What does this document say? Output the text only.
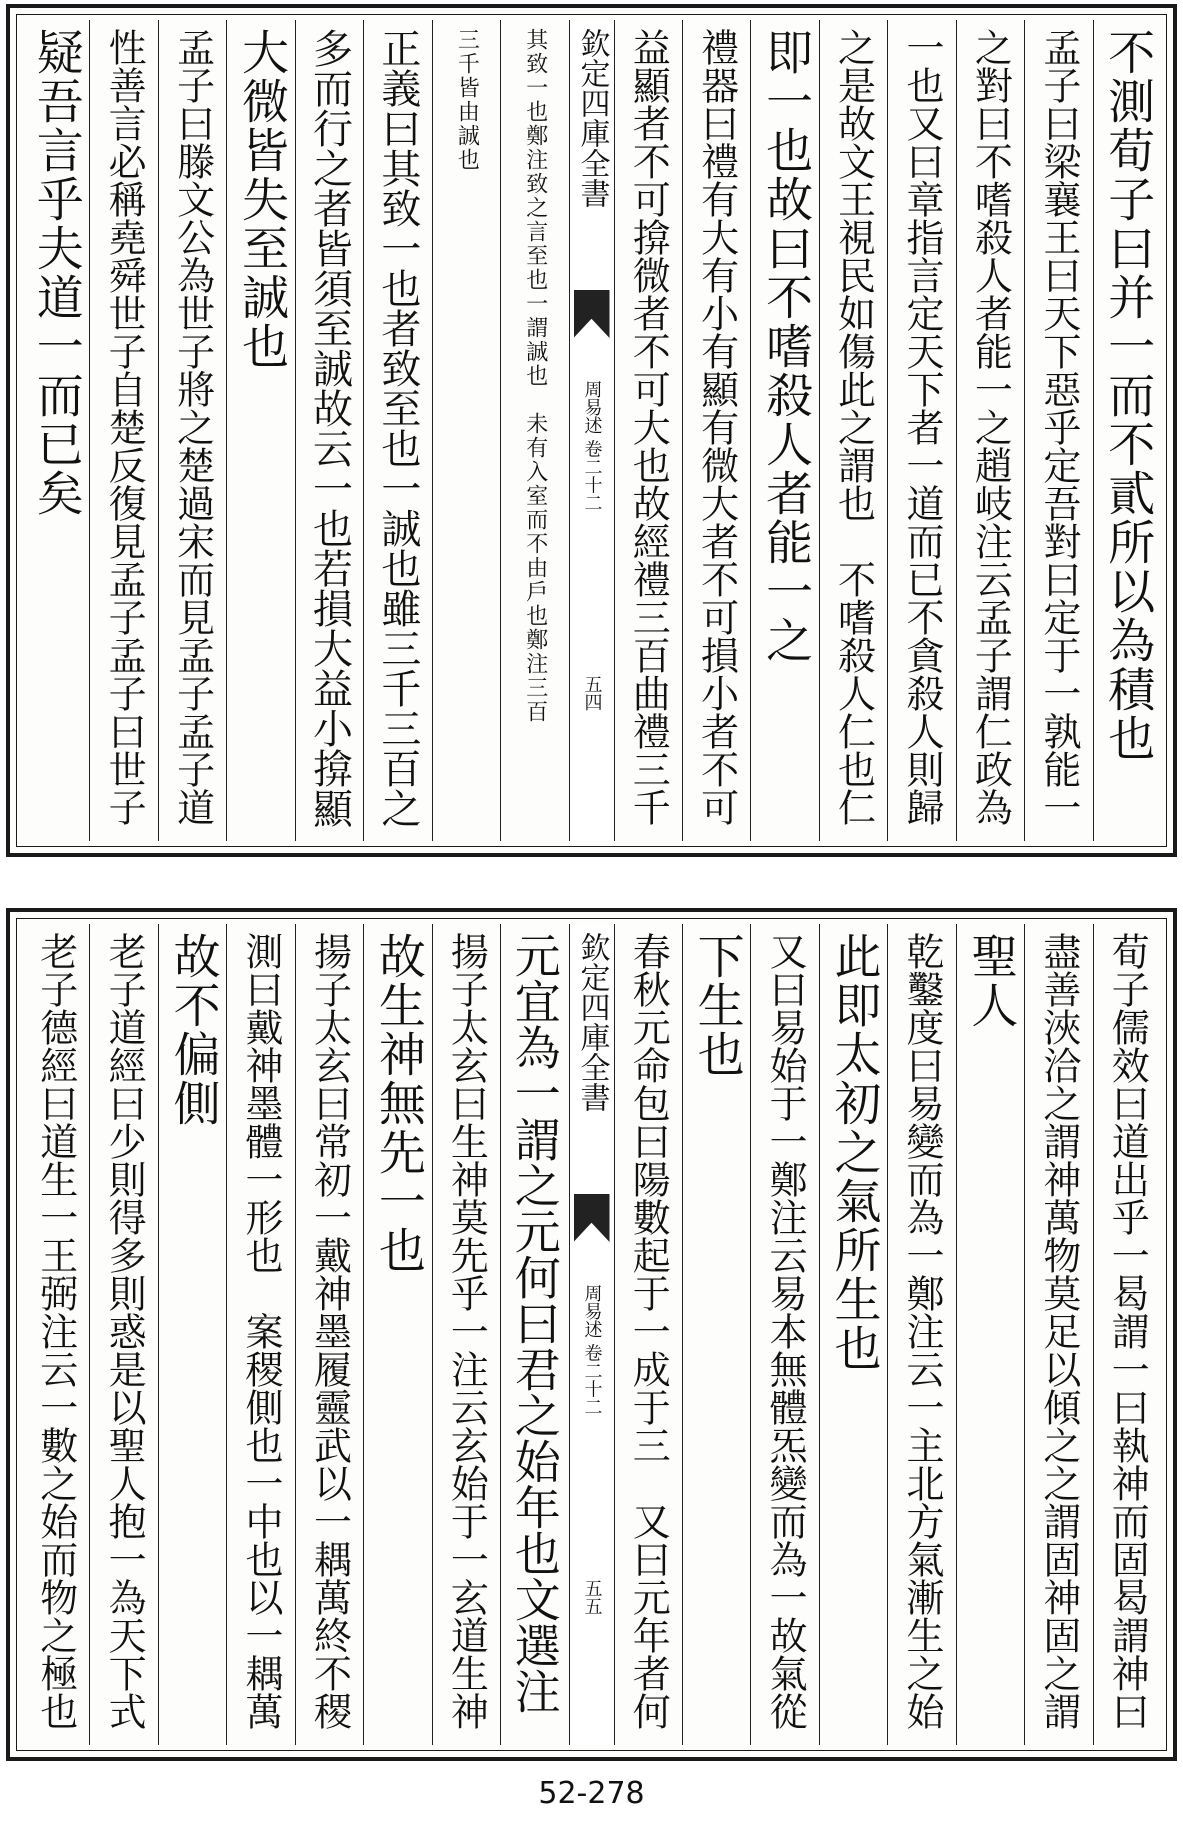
不測荀子曰并一而不貳所以為積也
孟子曰梁襄王曰天下惡乎定吾對曰定于一孰能一
之對曰不嗜殺人者能一之趙岐注云孟子謂仁政為
一也又曰章指言定天下者一道而已不貪殺人則歸
之是故文王視民如傷此之謂也　不嗜殺人仁也仁
即一也故曰不嗜殺人者能一之
禮器曰禮有大有小有顯有微大者不可損小者不可
益顯者不可揜微者不可大也故經禮三百曲禮三千
欽定四庫全書
周易述 卷二十二
五四
其致一也鄭注致之言至也一謂誠也　未有入室而不由戶也鄭注三百
三千皆由誠也
正義曰其致一也者致至也一誠也雖三千三百之
多而行之者皆須至誠故云一也若損大益小揜顯
大微皆失至誠也
孟子曰滕文公為世子將之楚過宋而見孟子孟子道
性善言必稱堯舜世子自楚反復見孟子孟子曰世子
疑吾言乎夫道一而已矣
荀子儒效曰道出乎一曷謂一曰執神而固曷謂神曰
盡善浹洽之謂神萬物莫足以傾之之謂固神固之謂
聖人
乾鑿度曰易變而為一鄭注云一主北方氣漸生之始
此即太初之氣所生也
又曰易始于一鄭注云易本無體炁變而為一故氣從
下生也
春秋元命包曰陽數起于一成于三　又曰元年者何
欽定四庫全書
周易述 卷二十二
五五
元宜為一謂之元何曰君之始年也文選注
揚子太玄曰生神莫先乎一注云玄始于一玄道生神
故生神無先一也
揚子太玄曰常初一戴神墨履靈武以一耦萬終不稷
測曰戴神墨體一形也　案稷側也一中也以一耦萬
故不偏側
老子道經曰少則得多則惑是以聖人抱一為天下式
老子德經曰道生一王弼注云一數之始而物之極也
52-278
